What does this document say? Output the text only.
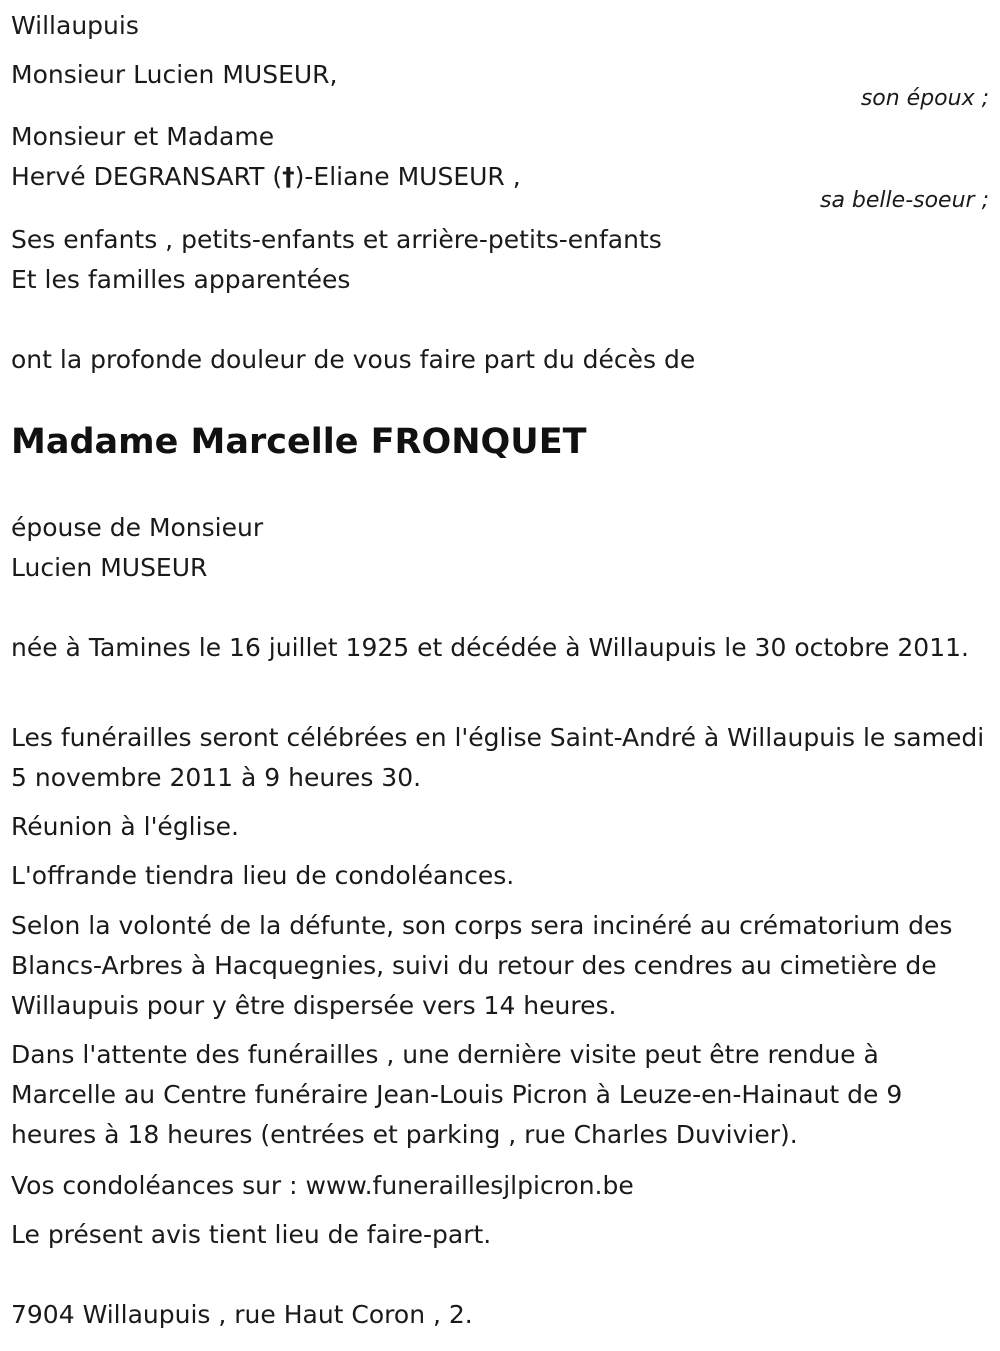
Willaupuis
Monsieur Lucien MUSEUR,
son époux ;
Monsieur et Madame
Hervé DEGRANSART (†)-Eliane MUSEUR ,
sa belle-soeur ;
Ses enfants , petits-enfants et arrière-petits-enfants
Et les familles apparentées
ont la profonde douleur de vous faire part du décès de
Madame Marcelle FRONQUET
épouse de Monsieur
Lucien MUSEUR
née à Tamines le 16 juillet 1925 et décédée à Willaupuis le 30 octobre 2011.
Les funérailles seront célébrées en l'église Saint-André à Willaupuis le samedi 5 novembre 2011 à 9 heures 30.
Réunion à l'église.
L'offrande tiendra lieu de condoléances.
Selon la volonté de la défunte, son corps sera incinéré au crématorium des Blancs-Arbres à Hacquegnies, suivi du retour des cendres au cimetière de Willaupuis pour y être dispersée vers 14 heures.
Dans l'attente des funérailles , une dernière visite peut être rendue à Marcelle au Centre funéraire Jean-Louis Picron à Leuze-en-Hainaut de 9 heures à 18 heures (entrées et parking , rue Charles Duvivier).
Vos condoléances sur : www.funeraillesjlpicron.be
Le présent avis tient lieu de faire-part.
7904 Willaupuis , rue Haut Coron , 2.
